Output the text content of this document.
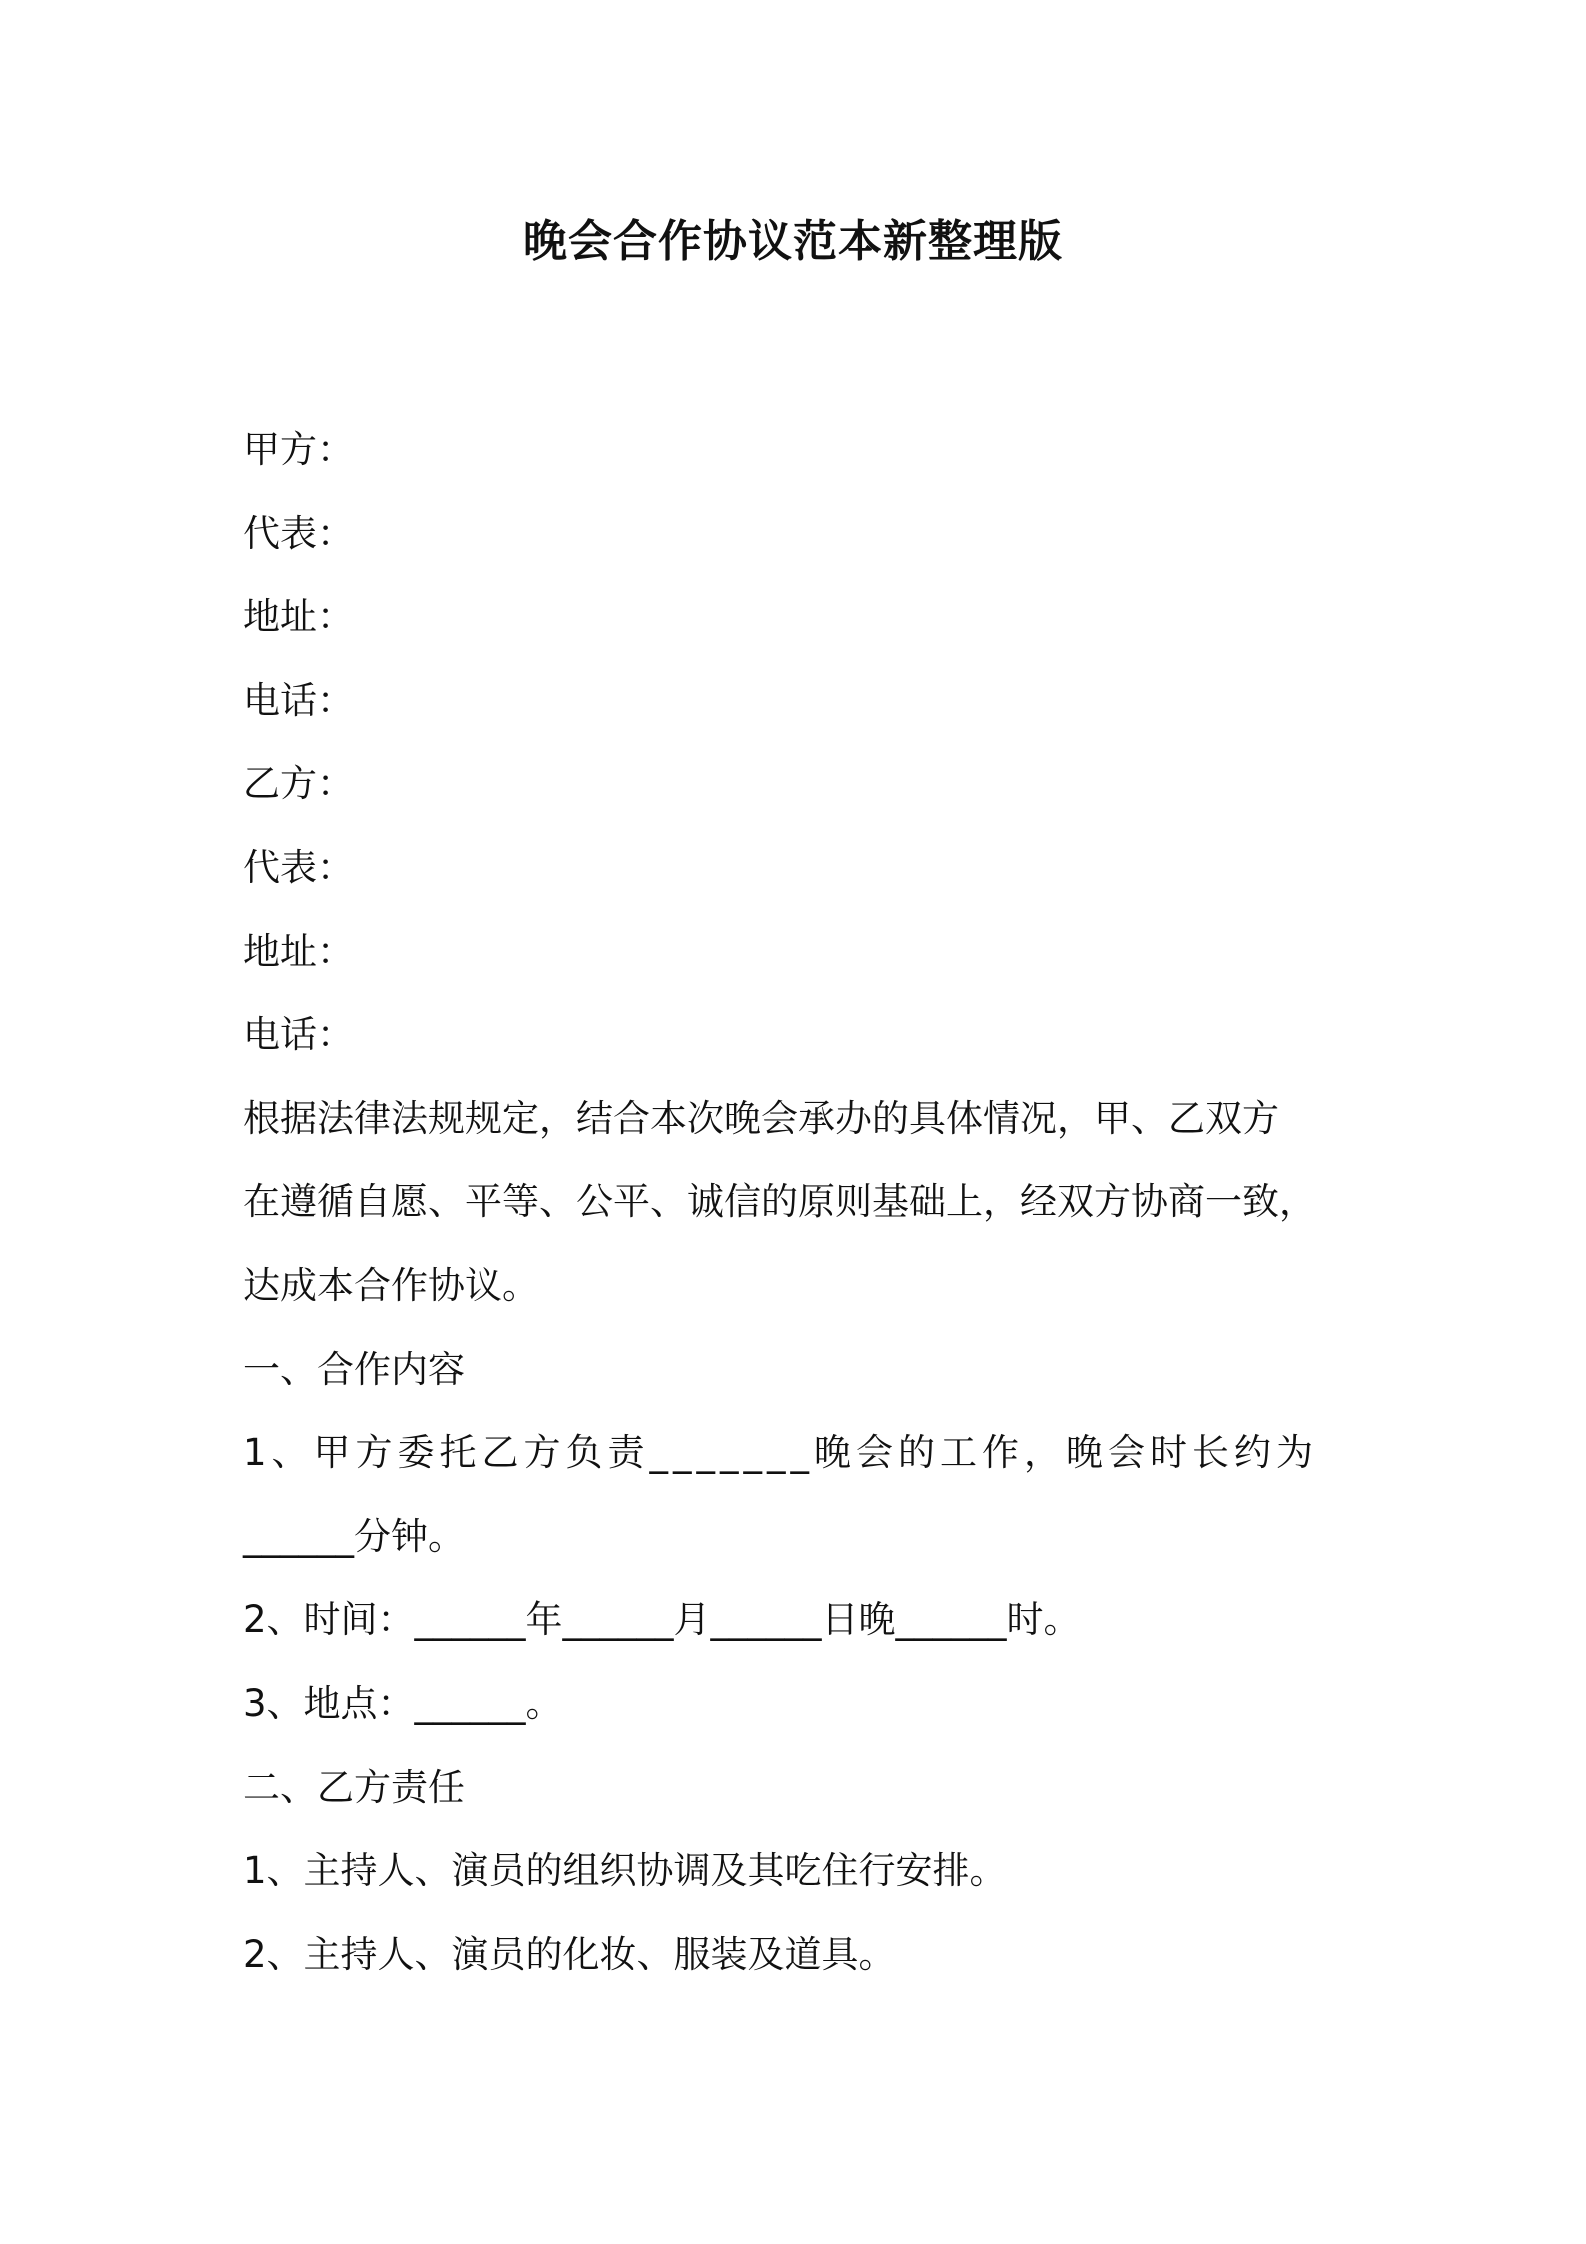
晚会合作协议范本新整理版
甲方：
代表：
地址：
电话：
乙方：
代表：
地址：
电话：
根据法律法规规定，结合本次晚会承办的具体情况，甲、乙双方
在遵循自愿、平等、公平、诚信的原则基础上，经双方协商一致，
达成本合作协议。
一、合作内容
1、甲方委托乙方负责_______晚会的工作，晚会时长约为
______分钟。
2、时间：______年______月______日晚______时。
3、地点：______。
二、乙方责任
1、主持人、演员的组织协调及其吃住行安排。
2、主持人、演员的化妆、服装及道具。
